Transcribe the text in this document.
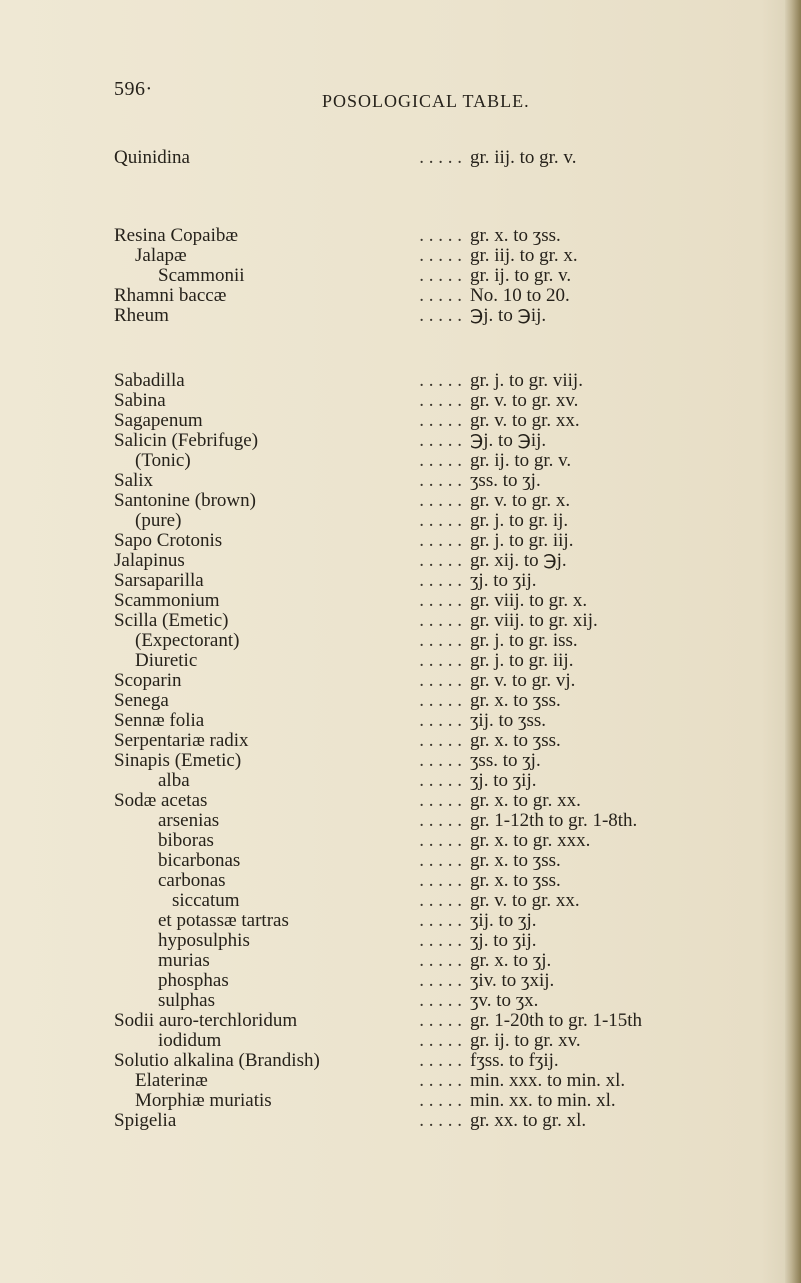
596·
POSOLOGICAL TABLE.
Quinidina	. . . . . gr. iij. to gr. v.
Resina Copaibæ	. . . . . gr. x. to ʒss.
Jalapæ	. . . . . gr. iij. to gr. x.
Scammonii	. . . . . gr. ij. to gr. v.
Rhamni baccæ	. . . . . No. 10 to 20.
Rheum	. . . . . ℈j. to ℈ij.
Sabadilla	. . . . . gr. j. to gr. viij.
Sabina	. . . . . gr. v. to gr. xv.
Sagapenum	. . . . . gr. v. to gr. xx.
Salicin (Febrifuge)	. . . . . ℈j. to ℈ij.
(Tonic)	. . . . . gr. ij. to gr. v.
Salix	. . . . . ʒss. to ʒj.
Santonine (brown)	. . . . . gr. v. to gr. x.
(pure)	. . . . . gr. j. to gr. ij.
Sapo Crotonis	. . . . . gr. j. to gr. iij.
Jalapinus	. . . . . gr. xij. to ℈j.
Sarsaparilla	. . . . . ʒj. to ʒij.
Scammonium	. . . . . gr. viij. to gr. x.
Scilla (Emetic)	. . . . . gr. viij. to gr. xij.
(Expectorant)	. . . . . gr. j. to gr. iss.
Diuretic	. . . . . gr. j. to gr. iij.
Scoparin	. . . . . gr. v. to gr. vj.
Senega	. . . . . gr. x. to ʒss.
Sennæ folia	. . . . . ʒij. to ʒss.
Serpentariæ radix	. . . . . gr. x. to ʒss.
Sinapis (Emetic)	. . . . . ʒss. to ʒj.
alba	. . . . . ʒj. to ʒij.
Sodæ acetas	. . . . . gr. x. to gr. xx.
arsenias	. . . . . gr. 1-12th to gr. 1-8th.
biboras	. . . . . gr. x. to gr. xxx.
bicarbonas	. . . . . gr. x. to ʒss.
carbonas	. . . . . gr. x. to ʒss.
siccatum	. . . . . gr. v. to gr. xx.
et potassæ tartras	. . . . . ʒij. to ʒj.
hyposulphis	. . . . . ʒj. to ʒij.
murias	. . . . . gr. x. to ʒj.
phosphas	. . . . . ʒiv. to ʒxij.
sulphas	. . . . . ʒv. to ʒx.
Sodii auro-terchloridum	. . . . . gr. 1-20th to gr. 1-15th
iodidum	. . . . . gr. ij. to gr. xv.
Solutio alkalina (Brandish)	. . . . . fʒss. to fʒij.
Elaterinæ	. . . . . min. xxx. to min. xl.
Morphiæ muriatis	. . . . . min. xx. to min. xl.
Spigelia	. . . . . gr. xx. to gr. xl.
